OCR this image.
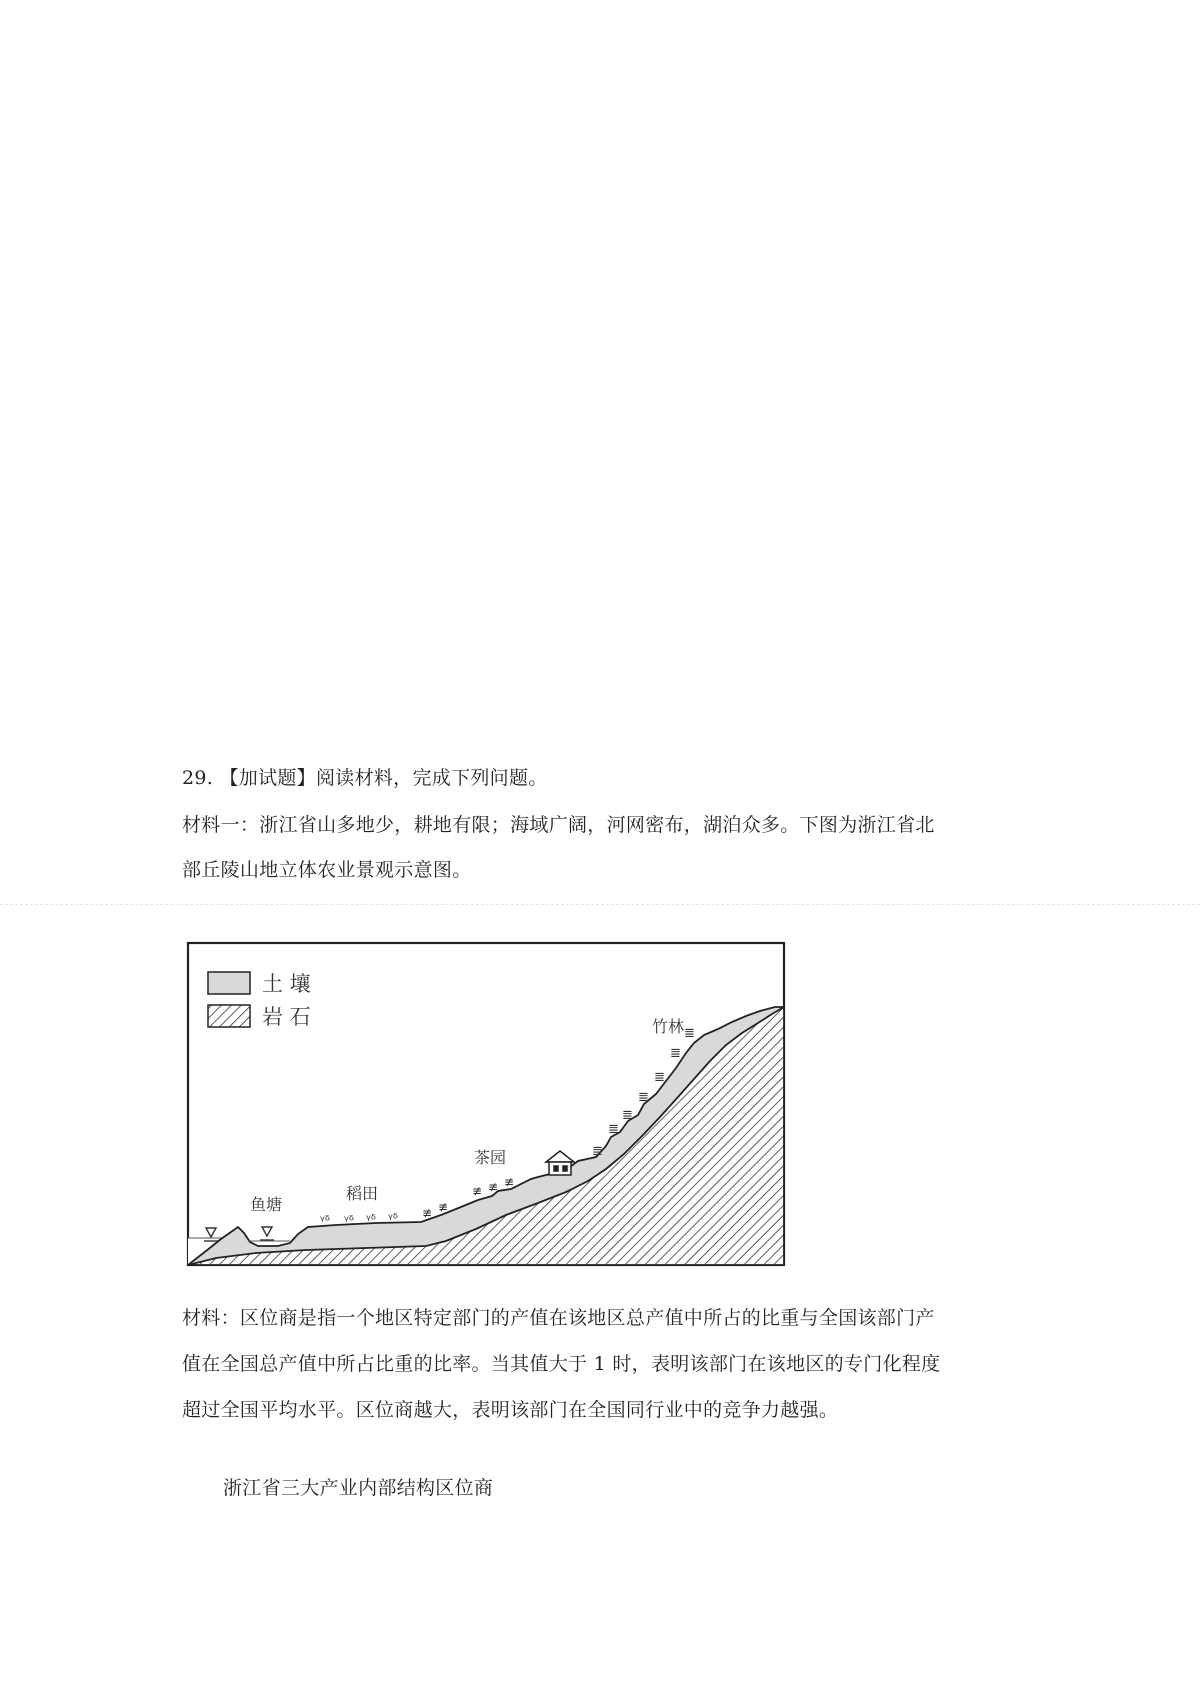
29. 【加试题】阅读材料，完成下列问题。
材料一：浙江省山多地少，耕地有限；海域广阔，河网密布，湖泊众多。下图为浙江省北
部丘陵山地立体农业景观示意图。
ᵞᵟ ᵞᵟ ᵞᵟ ᵞᵟ ≢ ≢
≢ ≢ ≢
≣
≣
≣
≣
≣
≣
≣
土 壤
岩 石
鱼塘
稻田
茶园
竹林
材料：区位商是指一个地区特定部门的产值在该地区总产值中所占的比重与全国该部门产
值在全国总产值中所占比重的比率。当其值大于 1 时，表明该部门在该地区的专门化程度
超过全国平均水平。区位商越大，表明该部门在全国同行业中的竞争力越强。
浙江省三大产业内部结构区位商
